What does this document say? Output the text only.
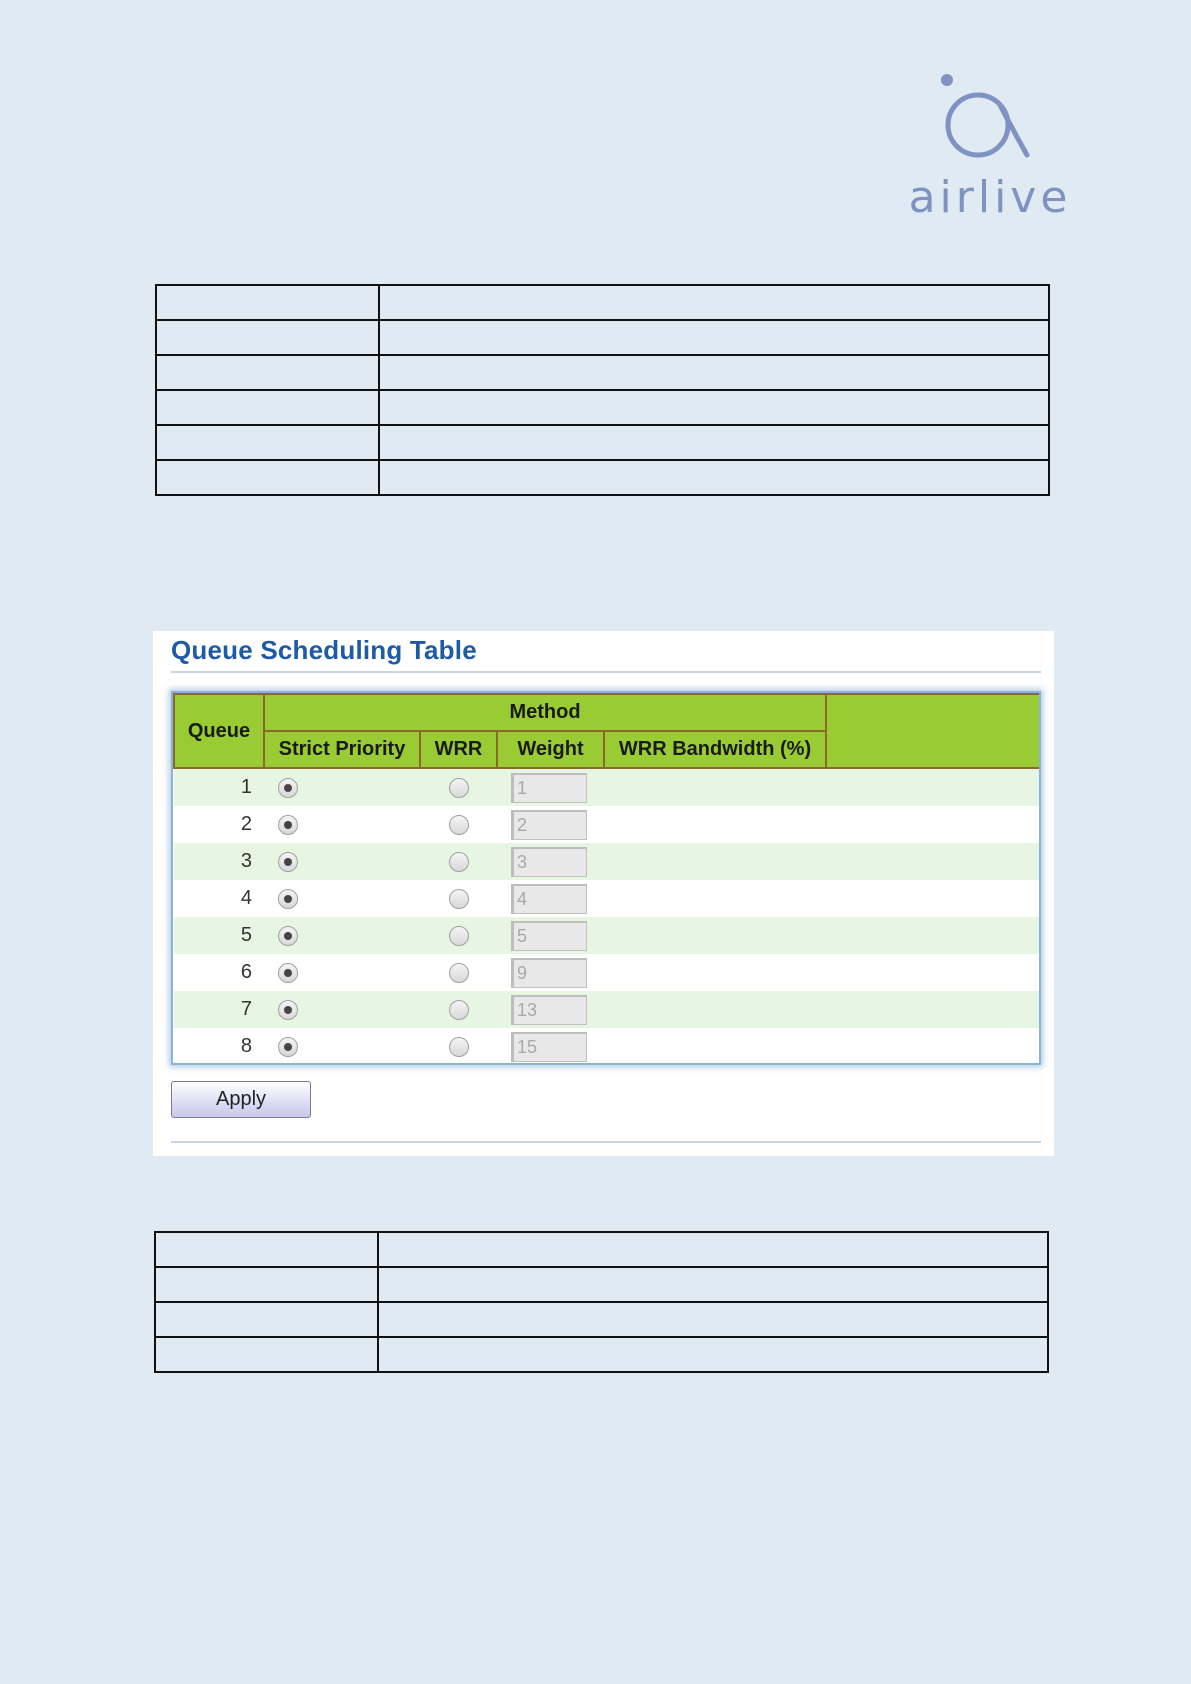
airlive

Queue Scheduling Table
Queue	Method				
	Strict Priority	WRR	Weight	WRR Bandwidth (%)	
1			1		
2			2		
3			3		
4			4		
5			5		
6			9		
7			13		
8			15		
Apply
